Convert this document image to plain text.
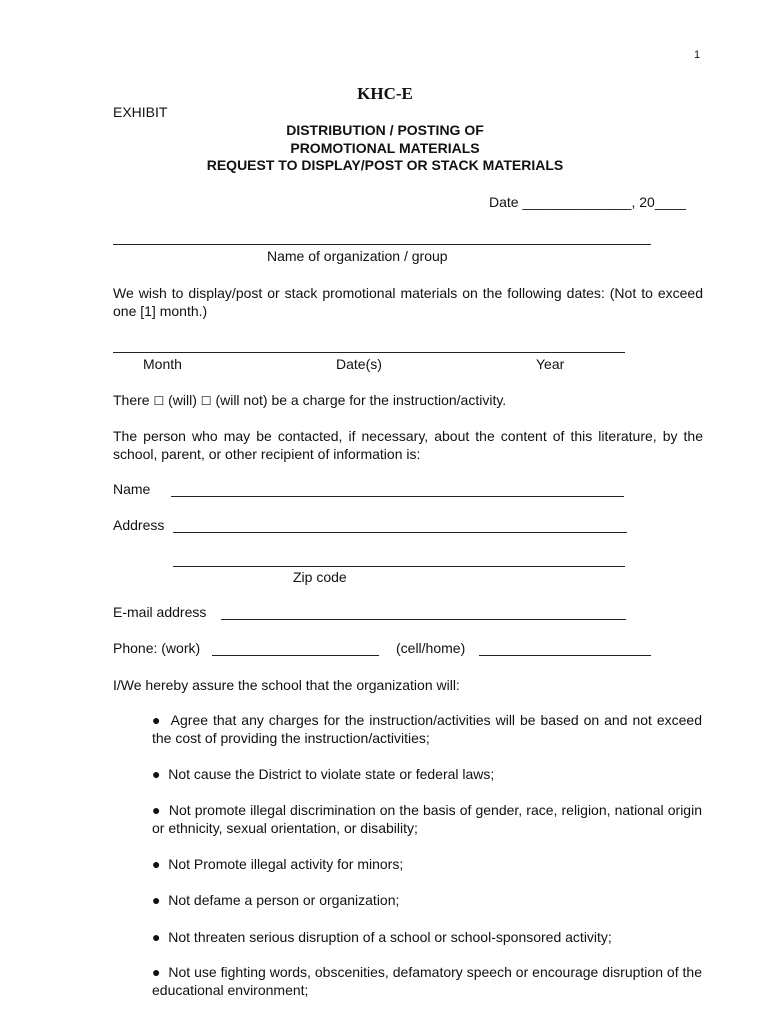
1
KHC-E
EXHIBIT
DISTRIBUTION / POSTING OF
PROMOTIONAL MATERIALS
REQUEST TO DISPLAY/POST OR STACK MATERIALS
Date ______________, 20____
Name of organization / group
We wish to display/post or stack promotional materials on the following dates: (Not to exceed one [1] month.)
Month	Date(s)	Year
There ☐ (will) ☐ (will not) be a charge for the instruction/activity.
The person who may be contacted, if necessary, about the content of this literature, by the school, parent, or other recipient of information is:
Name
Address
Zip code
E-mail address
Phone: (work)	(cell/home)
I/We hereby assure the school that the organization will:
● Agree that any charges for the instruction/activities will be based on and not exceed the cost of providing the instruction/activities;
● Not cause the District to violate state or federal laws;
● Not promote illegal discrimination on the basis of gender, race, religion, national origin or ethnicity, sexual orientation, or disability;
● Not Promote illegal activity for minors;
● Not defame a person or organization;
● Not threaten serious disruption of a school or school-sponsored activity;
● Not use fighting words, obscenities, defamatory speech or encourage disruption of the educational environment;
